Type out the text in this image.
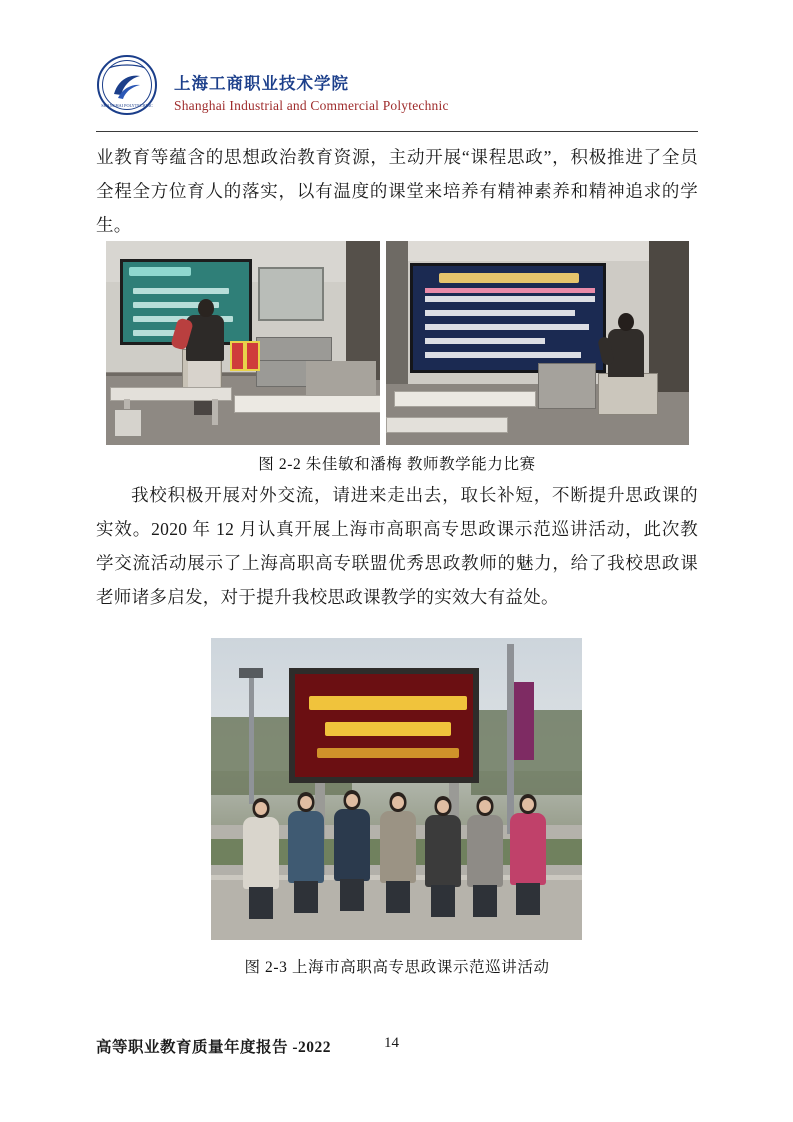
SHANGHAI POLYTECHNIC
上海工商职业技术学院
Shanghai Industrial and Commercial Polytechnic
业教育等蕴含的思想政治教育资源，主动开展“课程思政”，积极推进了全员全程全方位育人的落实，以有温度的课堂来培养有精神素养和精神追求的学生。
图 2-2 朱佳敏和潘梅 教师教学能力比赛
我校积极开展对外交流，请进来走出去，取长补短，不断提升思政课的实效。2020 年 12 月认真开展上海市高职高专思政课示范巡讲活动，此次教学交流活动展示了上海高职高专联盟优秀思政教师的魅力，给了我校思政课老师诸多启发，对于提升我校思政课教学的实效大有益处。
图 2-3 上海市高职高专思政课示范巡讲活动
高等职业教育质量年度报告 -2022	14
